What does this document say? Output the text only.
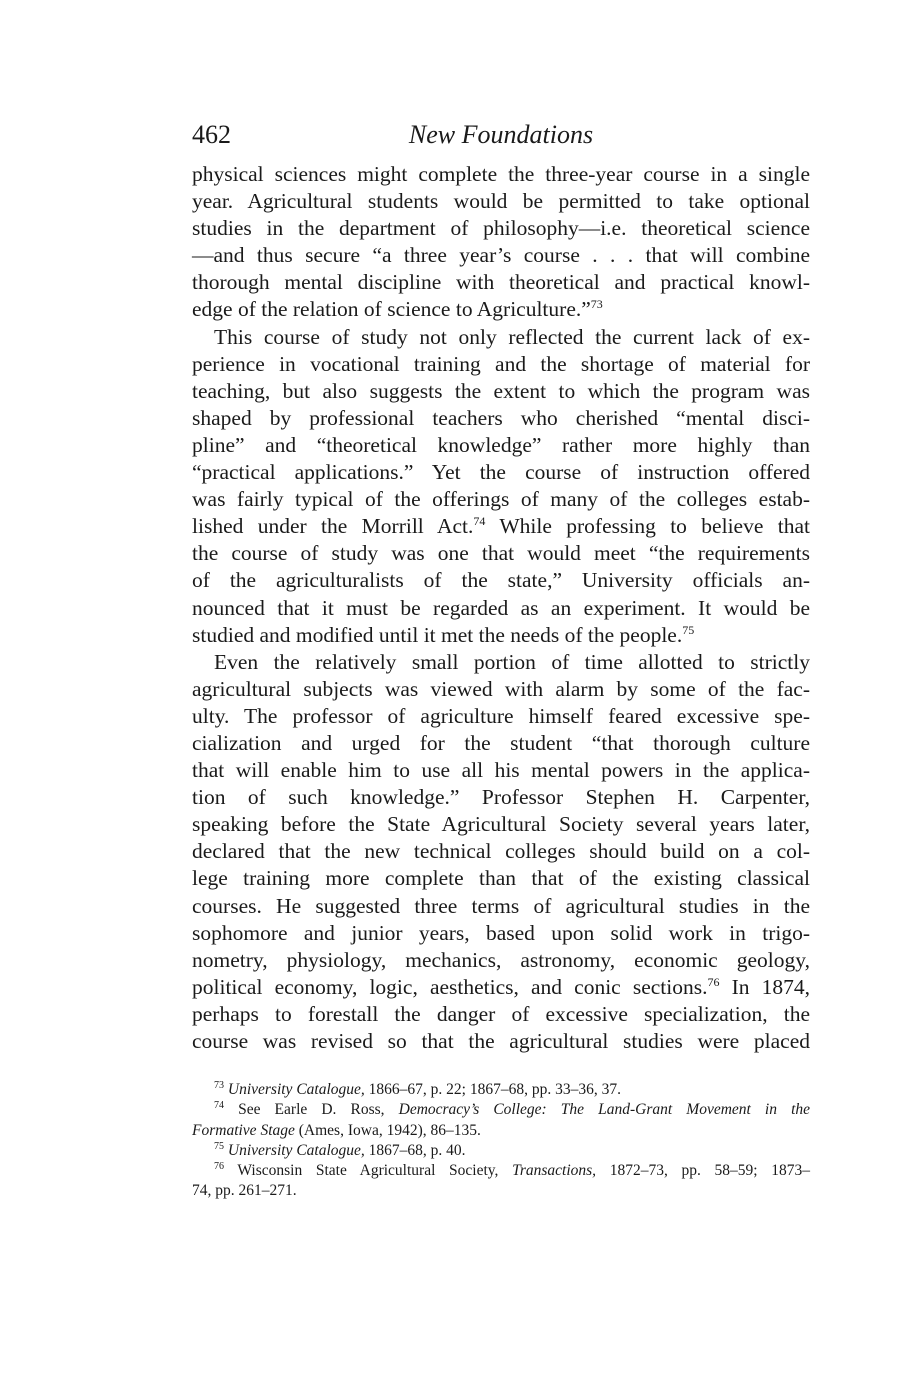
462	New Foundations
physical sciences might complete the three-year course in a single
year. Agricultural students would be permitted to take optional
studies in the department of philosophy—i.e. theoretical science
—and thus secure “a three year’s course . . . that will combine
thorough mental discipline with theoretical and practical knowl-
edge of the relation of science to Agriculture.”$^{73}$
This course of study not only reflected the current lack of ex-
perience in vocational training and the shortage of material for
teaching, but also suggests the extent to which the program was
shaped by professional teachers who cherished “mental disci-
pline” and “theoretical knowledge” rather more highly than
“practical applications.” Yet the course of instruction offered
was fairly typical of the offerings of many of the colleges estab-
lished under the Morrill Act.$^{74}$ While professing to believe that
the course of study was one that would meet “the requirements
of the agriculturalists of the state,” University officials an-
nounced that it must be regarded as an experiment. It would be
studied and modified until it met the needs of the people.$^{75}$
Even the relatively small portion of time allotted to strictly
agricultural subjects was viewed with alarm by some of the fac-
ulty. The professor of agriculture himself feared excessive spe-
cialization and urged for the student “that thorough culture
that will enable him to use all his mental powers in the applica-
tion of such knowledge.” Professor Stephen H. Carpenter,
speaking before the State Agricultural Society several years later,
declared that the new technical colleges should build on a col-
lege training more complete than that of the existing classical
courses. He suggested three terms of agricultural studies in the
sophomore and junior years, based upon solid work in trigo-
nometry, physiology, mechanics, astronomy, economic geology,
political economy, logic, aesthetics, and conic sections.$^{76}$ In 1874,
perhaps to forestall the danger of excessive specialization, the
course was revised so that the agricultural studies were placed
$^{73}$ University Catalogue, 1866–67, p. 22; 1867–68, pp. 33–36, 37.
$^{74}$ See Earle D. Ross, Democracy’s College: The Land-Grant Movement in the
Formative Stage (Ames, Iowa, 1942), 86–135.
$^{75}$ University Catalogue, 1867–68, p. 40.
$^{76}$ Wisconsin State Agricultural Society, Transactions, 1872–73, pp. 58–59; 1873–
74, pp. 261–271.
